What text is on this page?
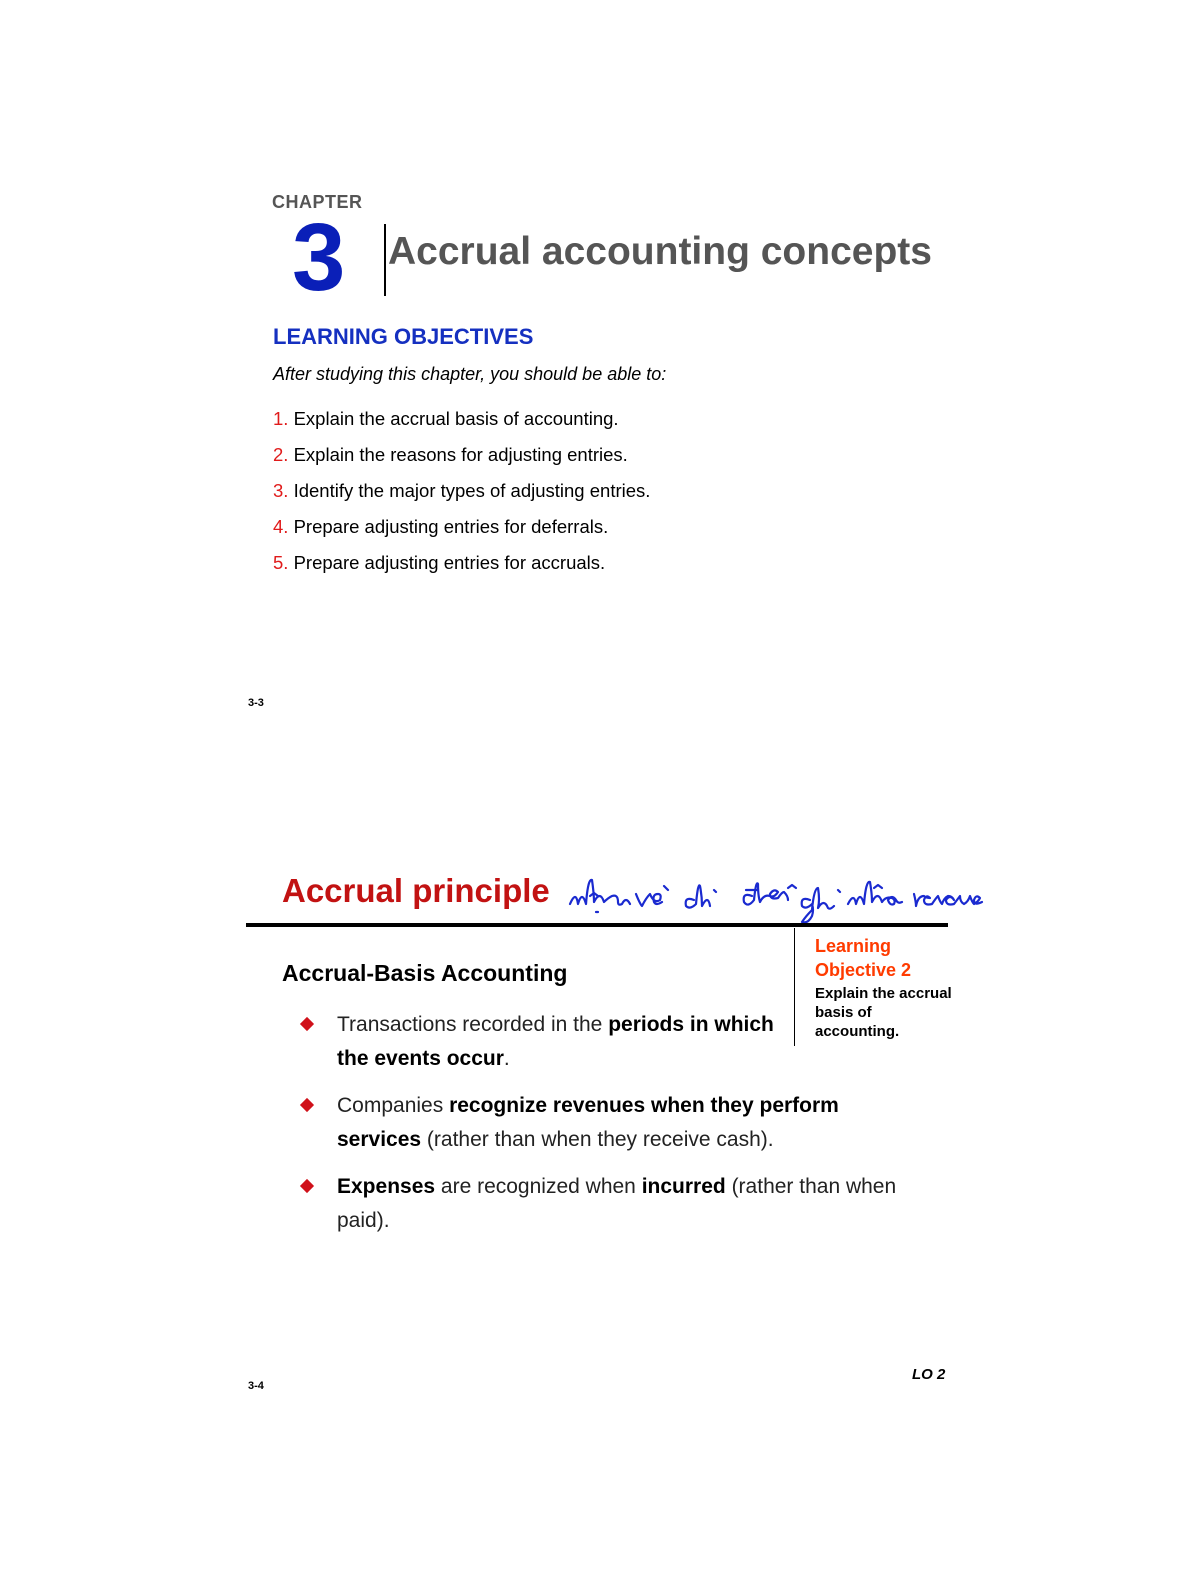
CHAPTER
3 Accrual accounting concepts
LEARNING OBJECTIVES
After studying this chapter, you should be able to:
1. Explain the accrual basis of accounting.
2. Explain the reasons for adjusting entries.
3. Identify the major types of adjusting entries.
4. Prepare adjusting entries for deferrals.
5. Prepare adjusting entries for accruals.
3-3
Accrual principle
Learning
Objective 2
Explain the accrual basis of accounting.
Accrual-Basis Accounting
Transactions recorded in the periods in which the events occur.
Companies recognize revenues when they perform services (rather than when they receive cash).
Expenses are recognized when incurred (rather than when paid).
LO 2
3-4
